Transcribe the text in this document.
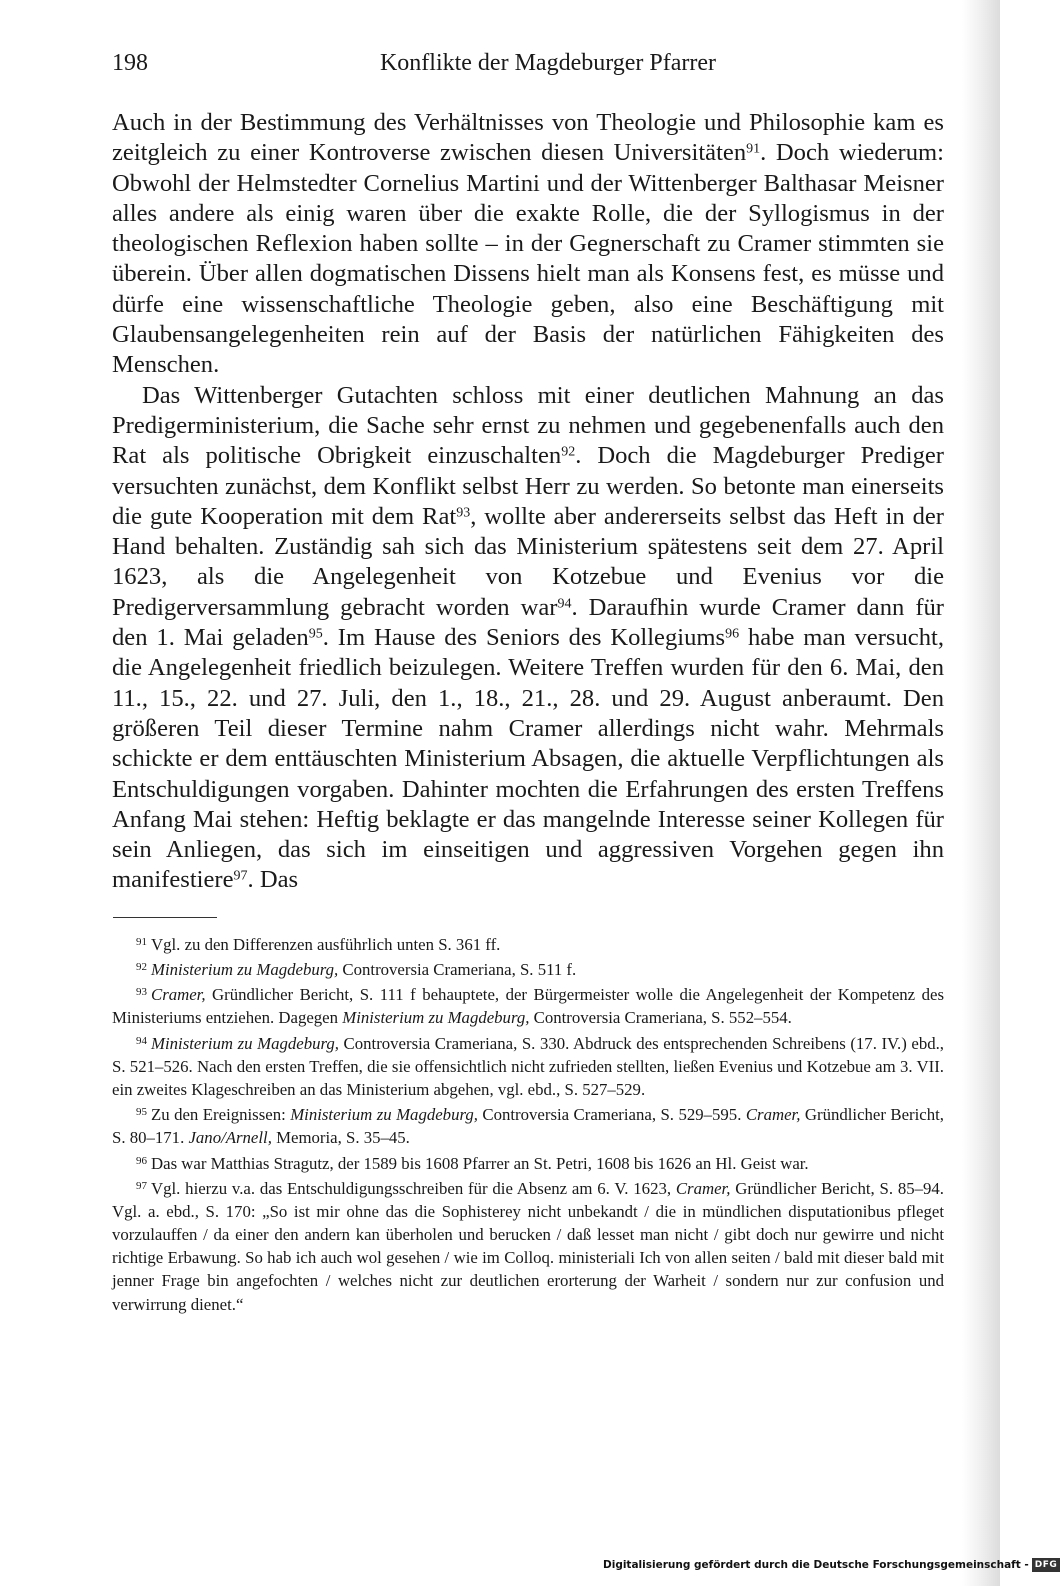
198	Konflikte der Magdeburger Pfarrer

Auch in der Bestimmung des Verhältnisses von Theologie und Philosophie kam es zeitgleich zu einer Kontroverse zwischen diesen Universitäten$^{91}$. Doch wiederum: Obwohl der Helmstedter Cornelius Martini und der Wittenberger Balthasar Meisner alles andere als einig waren über die exakte Rolle, die der Syllogismus in der theologischen Reflexion haben sollte – in der Gegnerschaft zu Cramer stimmten sie überein. Über allen dogmatischen Dissens hielt man als Konsens fest, es müsse und dürfe eine wissenschaftliche Theologie geben, also eine Beschäftigung mit Glaubensangelegenheiten rein auf der Basis der natürlichen Fähigkeiten des Menschen.

Das Wittenberger Gutachten schloss mit einer deutlichen Mahnung an das Predigerministerium, die Sache sehr ernst zu nehmen und gegebenenfalls auch den Rat als politische Obrigkeit einzuschalten$^{92}$. Doch die Magdeburger Prediger versuchten zunächst, dem Konflikt selbst Herr zu werden. So betonte man einerseits die gute Kooperation mit dem Rat$^{93}$, wollte aber andererseits selbst das Heft in der Hand behalten. Zuständig sah sich das Ministerium spätestens seit dem 27. April 1623, als die Angelegenheit von Kotzebue und Evenius vor die Predigerversammlung gebracht worden war$^{94}$. Daraufhin wurde Cramer dann für den 1. Mai geladen$^{95}$. Im Hause des Seniors des Kollegiums$^{96}$ habe man versucht, die Angelegenheit friedlich beizulegen. Weitere Treffen wurden für den 6. Mai, den 11., 15., 22. und 27. Juli, den 1., 18., 21., 28. und 29. August anberaumt. Den größeren Teil dieser Termine nahm Cramer allerdings nicht wahr. Mehrmals schickte er dem enttäuschten Ministerium Absagen, die aktuelle Verpflichtungen als Entschuldigungen vorgaben. Dahinter mochten die Erfahrungen des ersten Treffens Anfang Mai stehen: Heftig beklagte er das mangelnde Interesse seiner Kollegen für sein Anliegen, das sich im einseitigen und aggressiven Vorgehen gegen ihn manifestiere$^{97}$. Das

$^{91}$ Vgl. zu den Differenzen ausführlich unten S. 361 ff.

$^{92}$ Ministerium zu Magdeburg, Controversia Crameriana, S. 511 f.

$^{93}$ Cramer, Gründlicher Bericht, S. 111 f behauptete, der Bürgermeister wolle die Angelegenheit der Kompetenz des Ministeriums entziehen. Dagegen Ministerium zu Magdeburg, Controversia Crameriana, S. 552–554.

$^{94}$ Ministerium zu Magdeburg, Controversia Crameriana, S. 330. Abdruck des entsprechenden Schreibens (17. IV.) ebd., S. 521–526. Nach den ersten Treffen, die sie offensichtlich nicht zufrieden stellten, ließen Evenius und Kotzebue am 3. VII. ein zweites Klageschreiben an das Ministerium abgehen, vgl. ebd., S. 527–529.

$^{95}$ Zu den Ereignissen: Ministerium zu Magdeburg, Controversia Crameriana, S. 529–595. Cramer, Gründlicher Bericht, S. 80–171. Jano/Arnell, Memoria, S. 35–45.

$^{96}$ Das war Matthias Stragutz, der 1589 bis 1608 Pfarrer an St. Petri, 1608 bis 1626 an Hl. Geist war.

$^{97}$ Vgl. hierzu v.a. das Entschuldigungsschreiben für die Absenz am 6. V. 1623, Cramer, Gründlicher Bericht, S. 85–94. Vgl. a. ebd., S. 170: „So ist mir ohne das die Sophisterey nicht unbekandt / die in mündlichen disputationibus pfleget vorzulauffen / da einer den andern kan überholen und berucken / daß lesset man nicht / gibt doch nur gewirre und nicht richtige Erbawung. So hab ich auch wol gesehen / wie im Colloq. ministeriali Ich von allen seiten / bald mit dieser bald mit jenner Frage bin angefochten / welches nicht zur deutlichen erorterung der Warheit / sondern nur zur confusion und verwirrung dienet.“

Digitalisierung gefördert durch die Deutsche Forschungsgemeinschaft - DFG
